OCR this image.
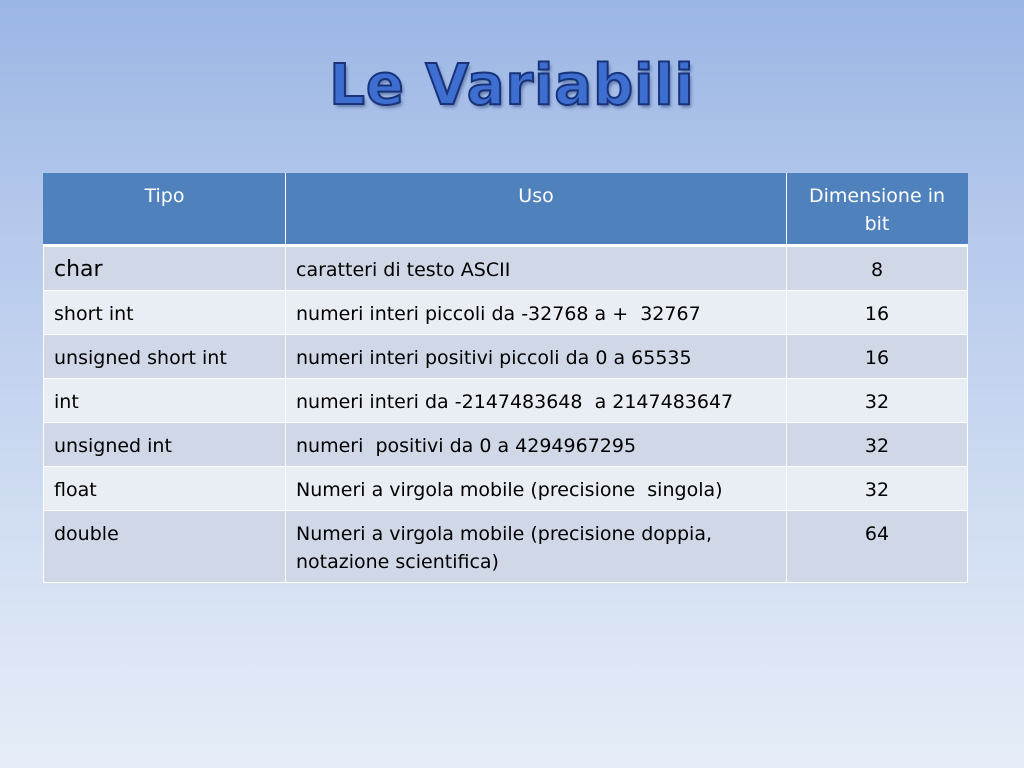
Le Variabili
Tipo	Uso	Dimensione in bit
char	caratteri di testo ASCII	8
short int	numeri interi piccoli da -32768 a +  32767	16
unsigned short int	numeri interi positivi piccoli da 0 a 65535	16
int	numeri interi da -2147483648  a 2147483647	32
unsigned int	numeri  positivi da 0 a 4294967295	32
float	Numeri a virgola mobile (precisione  singola)	32
double	Numeri a virgola mobile (precisione doppia, notazione scientifica)	64
